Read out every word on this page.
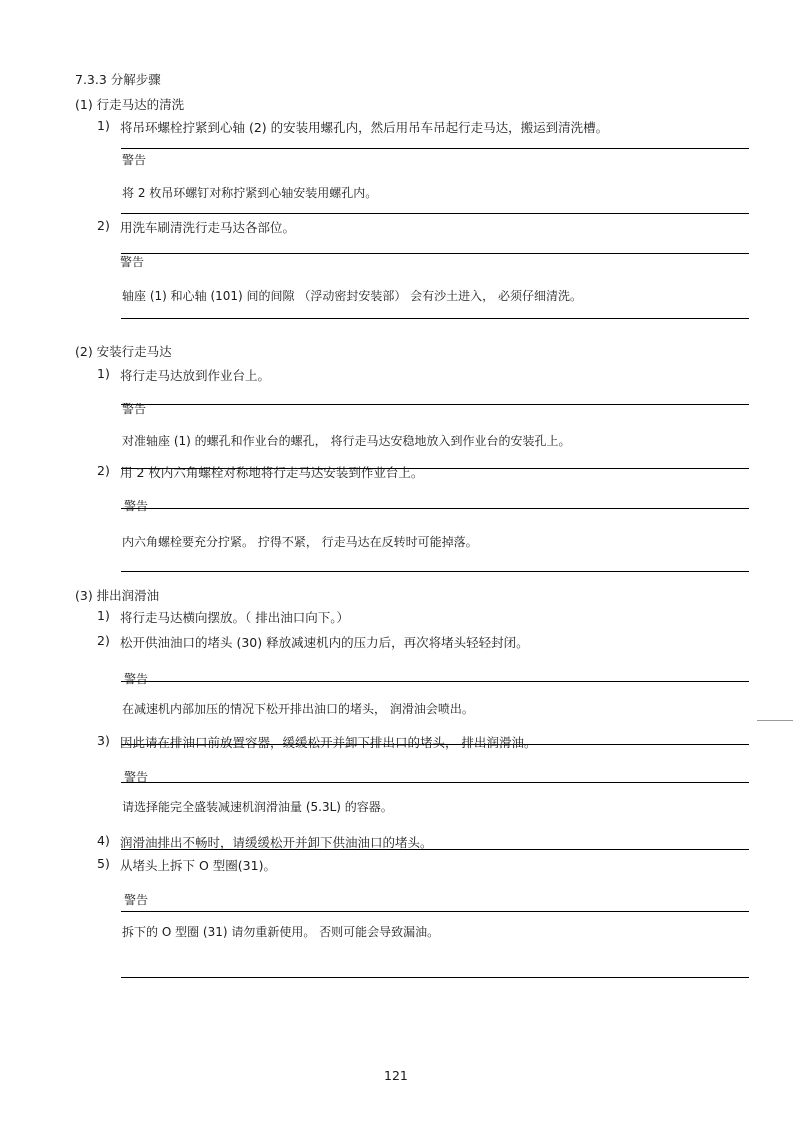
7.3.3 分解步骤
(1) 行走马达的清洗
1) 将吊环螺栓拧紧到心轴 (2) 的安装用螺孔内，然后用吊车吊起行走马达，搬运到清洗槽。
警告
将 2 枚吊环螺钉对称拧紧到心轴安装用螺孔内。
2) 用洗车刷清洗行走马达各部位。
警告
轴座 (1) 和心轴 (101) 间的间隙 （浮动密封安装部） 会有沙土进入， 必须仔细清洗。
(2) 安装行走马达
1) 将行走马达放到作业台上。
警告
对准轴座 (1) 的螺孔和作业台的螺孔， 将行走马达安稳地放入到作业台的安装孔上。
2) 用 2 枚内六角螺栓对称地将行走马达安装到作业台上。
警告
内六角螺栓要充分拧紧。 拧得不紧， 行走马达在反转时可能掉落。
(3) 排出润滑油
1) 将行走马达横向摆放。（ 排出油口向下。）
2) 松开供油油口的堵头 (30) 释放减速机内的压力后，再次将堵头轻轻封闭。
警告
在减速机内部加压的情况下松开排出油口的堵头， 润滑油会喷出。
3) 因此请在排油口前放置容器，缓缓松开并卸下排出口的堵头， 排出润滑油。
警告
请选择能完全盛装减速机润滑油量 (5.3L) 的容器。
4) 润滑油排出不畅时，请缓缓松开并卸下供油油口的堵头。
5) 从堵头上拆下 O 型圈(31)。
警告
拆下的 O 型圈 (31) 请勿重新使用。 否则可能会导致漏油。
121
